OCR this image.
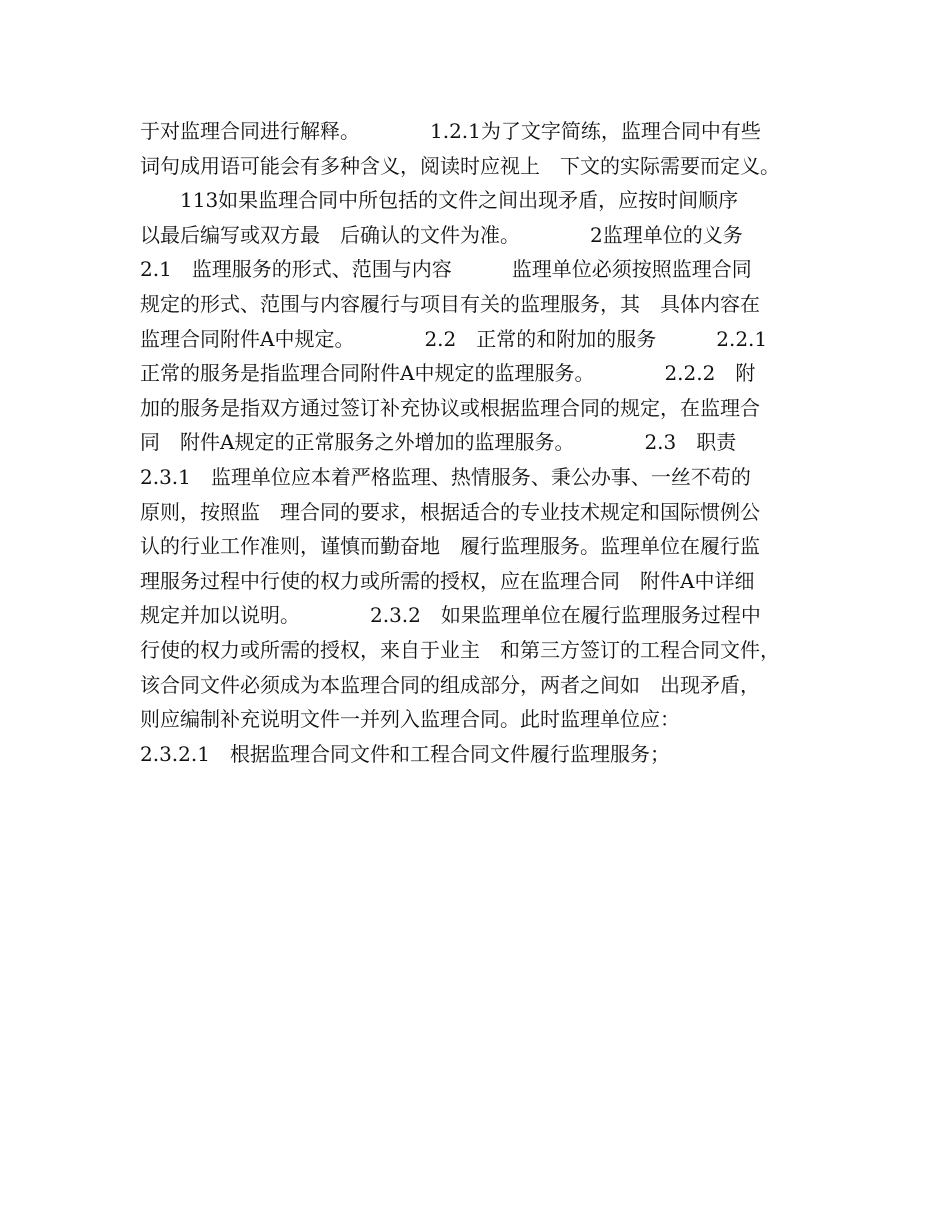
于对监理合同进行解释。　　　　1.2.1为了文字简练，监理合同中有些
词句成用语可能会有多种含义，阅读时应视上　下文的实际需要而定义。
　　113如果监理合同中所包括的文件之间出现矛盾，应按时间顺序
以最后编写或双方最　后确认的文件为准。　　　　2监理单位的义务
2.1　监理服务的形式、范围与内容　　　监理单位必须按照监理合同
规定的形式、范围与内容履行与项目有关的监理服务，其　具体内容在
监理合同附件A中规定。　　　　2.2　正常的和附加的服务　　　2.2.1
正常的服务是指监理合同附件A中规定的监理服务。　　　　2.2.2　附
加的服务是指双方通过签订补充协议或根据监理合同的规定，在监理合
同　附件A规定的正常服务之外增加的监理服务。　　　　2.3　职责
2.3.1　监理单位应本着严格监理、热情服务、秉公办事、一丝不苟的
原则，按照监　理合同的要求，根据适合的专业技术规定和国际惯例公
认的行业工作准则，谨慎而勤奋地　履行监理服务。监理单位在履行监
理服务过程中行使的权力或所需的授权，应在监理合同　附件A中详细
规定并加以说明。　　　　2.3.2　如果监理单位在履行监理服务过程中
行使的权力或所需的授权，来自于业主　和第三方签订的工程合同文件，
该合同文件必须成为本监理合同的组成部分，两者之间如　出现矛盾，
则应编制补充说明文件一并列入监理合同。此时监理单位应：
2.3.2.1　根据监理合同文件和工程合同文件履行监理服务；
